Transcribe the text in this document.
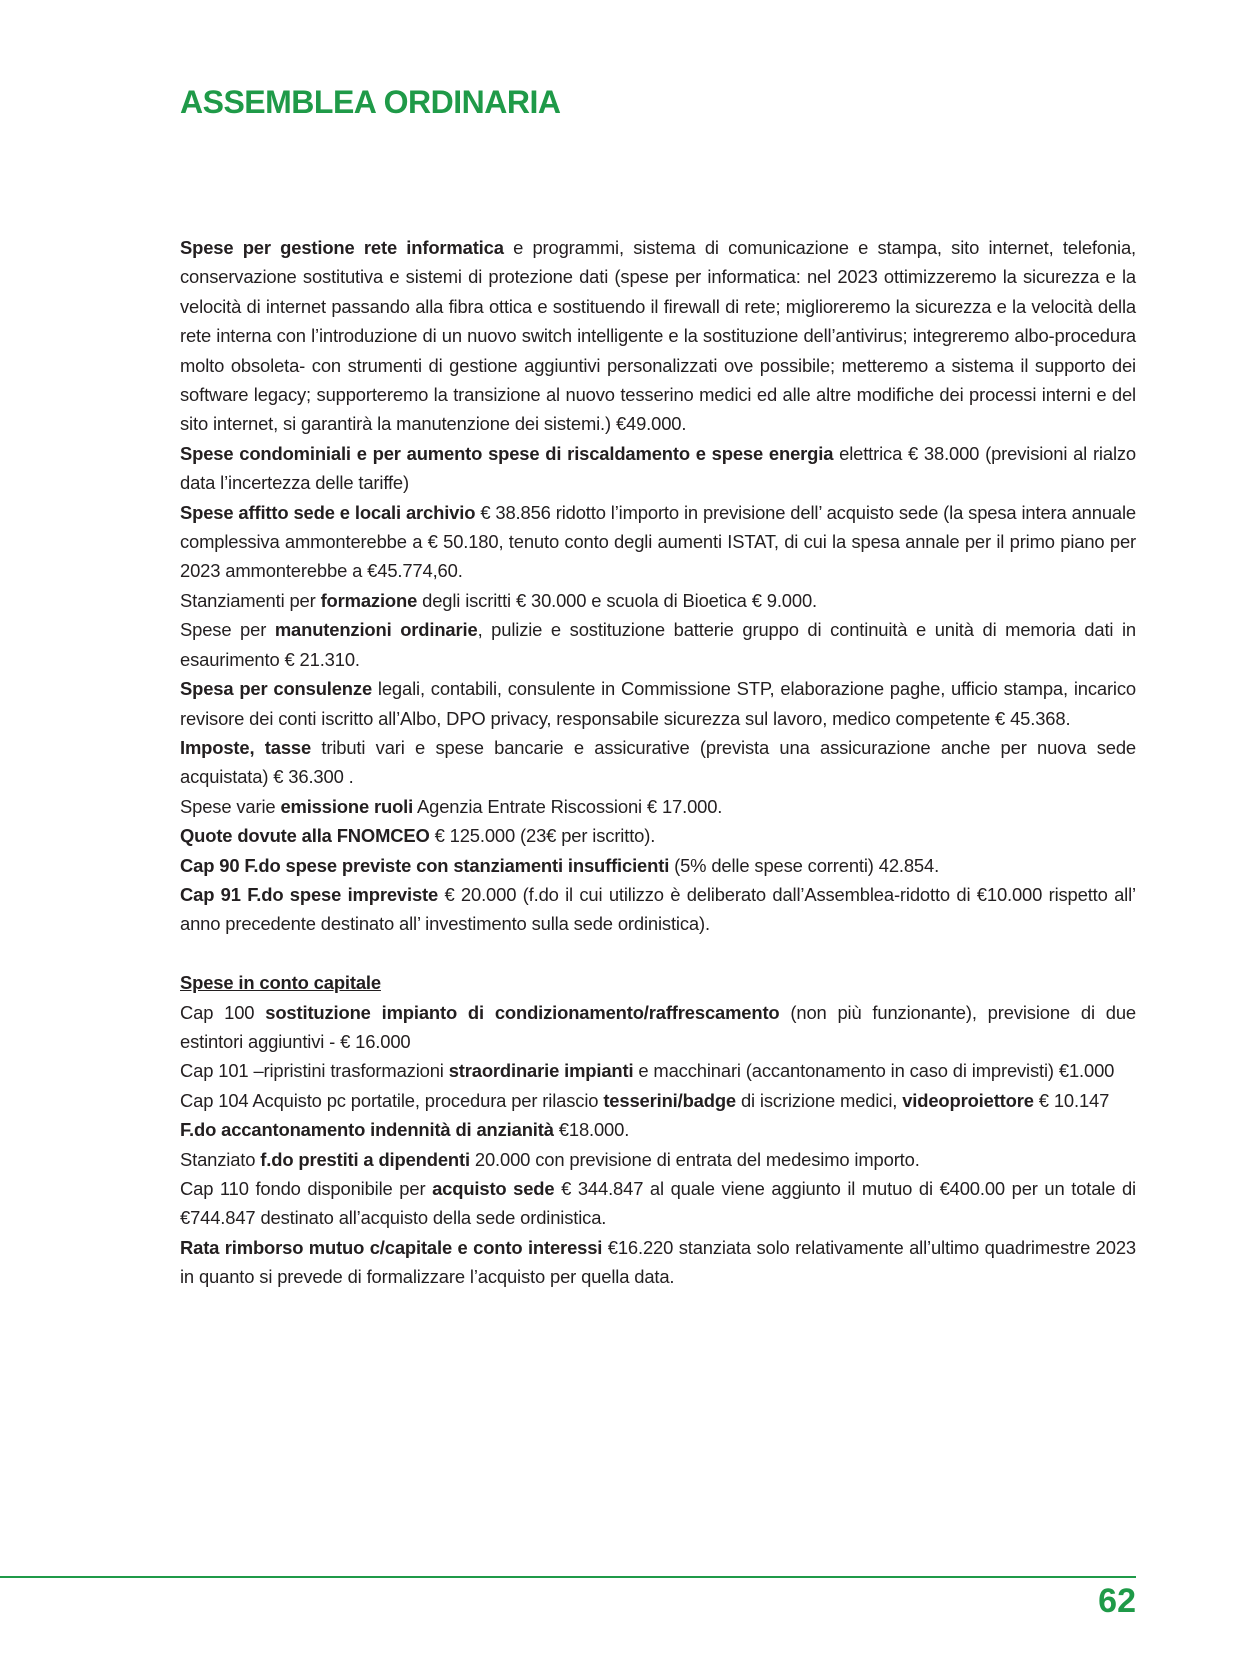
ASSEMBLEA ORDINARIA

Spese per gestione rete informatica e programmi, sistema di comunicazione e stampa, sito internet, telefonia, conservazione sostitutiva e sistemi di protezione dati (spese per informatica: nel 2023 ottimizzeremo la sicurezza e la velocità di internet passando alla fibra ottica e sostituendo il firewall di rete; miglioreremo la sicurezza e la velocità della rete interna con l’introduzione di un nuovo switch intelligente e la sostituzione dell’antivirus; integreremo albo-procedura molto obsoleta- con strumenti di gestione aggiuntivi personalizzati ove possibile; metteremo a sistema il supporto dei software legacy; supporteremo la transizione al nuovo tesserino medici ed alle altre modifiche dei processi interni e del sito internet, si garantirà la manutenzione dei sistemi.) €49.000.

Spese condominiali e per aumento spese di riscaldamento e spese energia elettrica € 38.000 (previsioni al rialzo data l’incertezza delle tariffe)

Spese affitto sede e locali archivio € 38.856 ridotto l’importo in previsione dell’ acquisto sede (la spesa intera annuale complessiva ammonterebbe a € 50.180, tenuto conto degli aumenti ISTAT, di cui la spesa annale per il primo piano per 2023 ammonterebbe a €45.774,60.

Stanziamenti per formazione degli iscritti € 30.000 e scuola di Bioetica € 9.000.

Spese per manutenzioni ordinarie, pulizie e sostituzione batterie gruppo di continuità e unità di memoria dati in esaurimento € 21.310.

Spesa per consulenze legali, contabili, consulente in Commissione STP, elaborazione paghe, ufficio stampa, incarico revisore dei conti iscritto all’Albo, DPO privacy, responsabile sicurezza sul lavoro, medico competente € 45.368.

Imposte, tasse tributi vari e spese bancarie e assicurative (prevista una assicurazione anche per nuova sede acquistata) € 36.300 .

Spese varie emissione ruoli Agenzia Entrate Riscossioni € 17.000.

Quote dovute alla FNOMCEO € 125.000 (23€ per iscritto).

Cap 90 F.do spese previste con stanziamenti insufficienti (5% delle spese correnti) 42.854.

Cap 91 F.do spese impreviste € 20.000 (f.do il cui utilizzo è deliberato dall’Assemblea-ridotto di €10.000 rispetto all’ anno precedente destinato all’ investimento sulla sede ordinistica).

Spese in conto capitale

Cap 100 sostituzione impianto di condizionamento/raffrescamento (non più funzionante), previsione di due estintori aggiuntivi - € 16.000

Cap 101 –ripristini trasformazioni straordinarie impianti e macchinari (accantonamento in caso di imprevisti) €1.000

Cap 104 Acquisto pc portatile, procedura per rilascio tesserini/badge di iscrizione medici, videoproiettore € 10.147

F.do accantonamento indennità di anzianità €18.000.

Stanziato f.do prestiti a dipendenti 20.000 con previsione di entrata del medesimo importo.

Cap 110 fondo disponibile per acquisto sede € 344.847 al quale viene aggiunto il mutuo di €400.00 per un totale di €744.847 destinato all’acquisto della sede ordinistica.

Rata rimborso mutuo c/capitale e conto interessi €16.220 stanziata solo relativamente all’ultimo quadrimestre 2023 in quanto si prevede di formalizzare l’acquisto per quella data.

62
